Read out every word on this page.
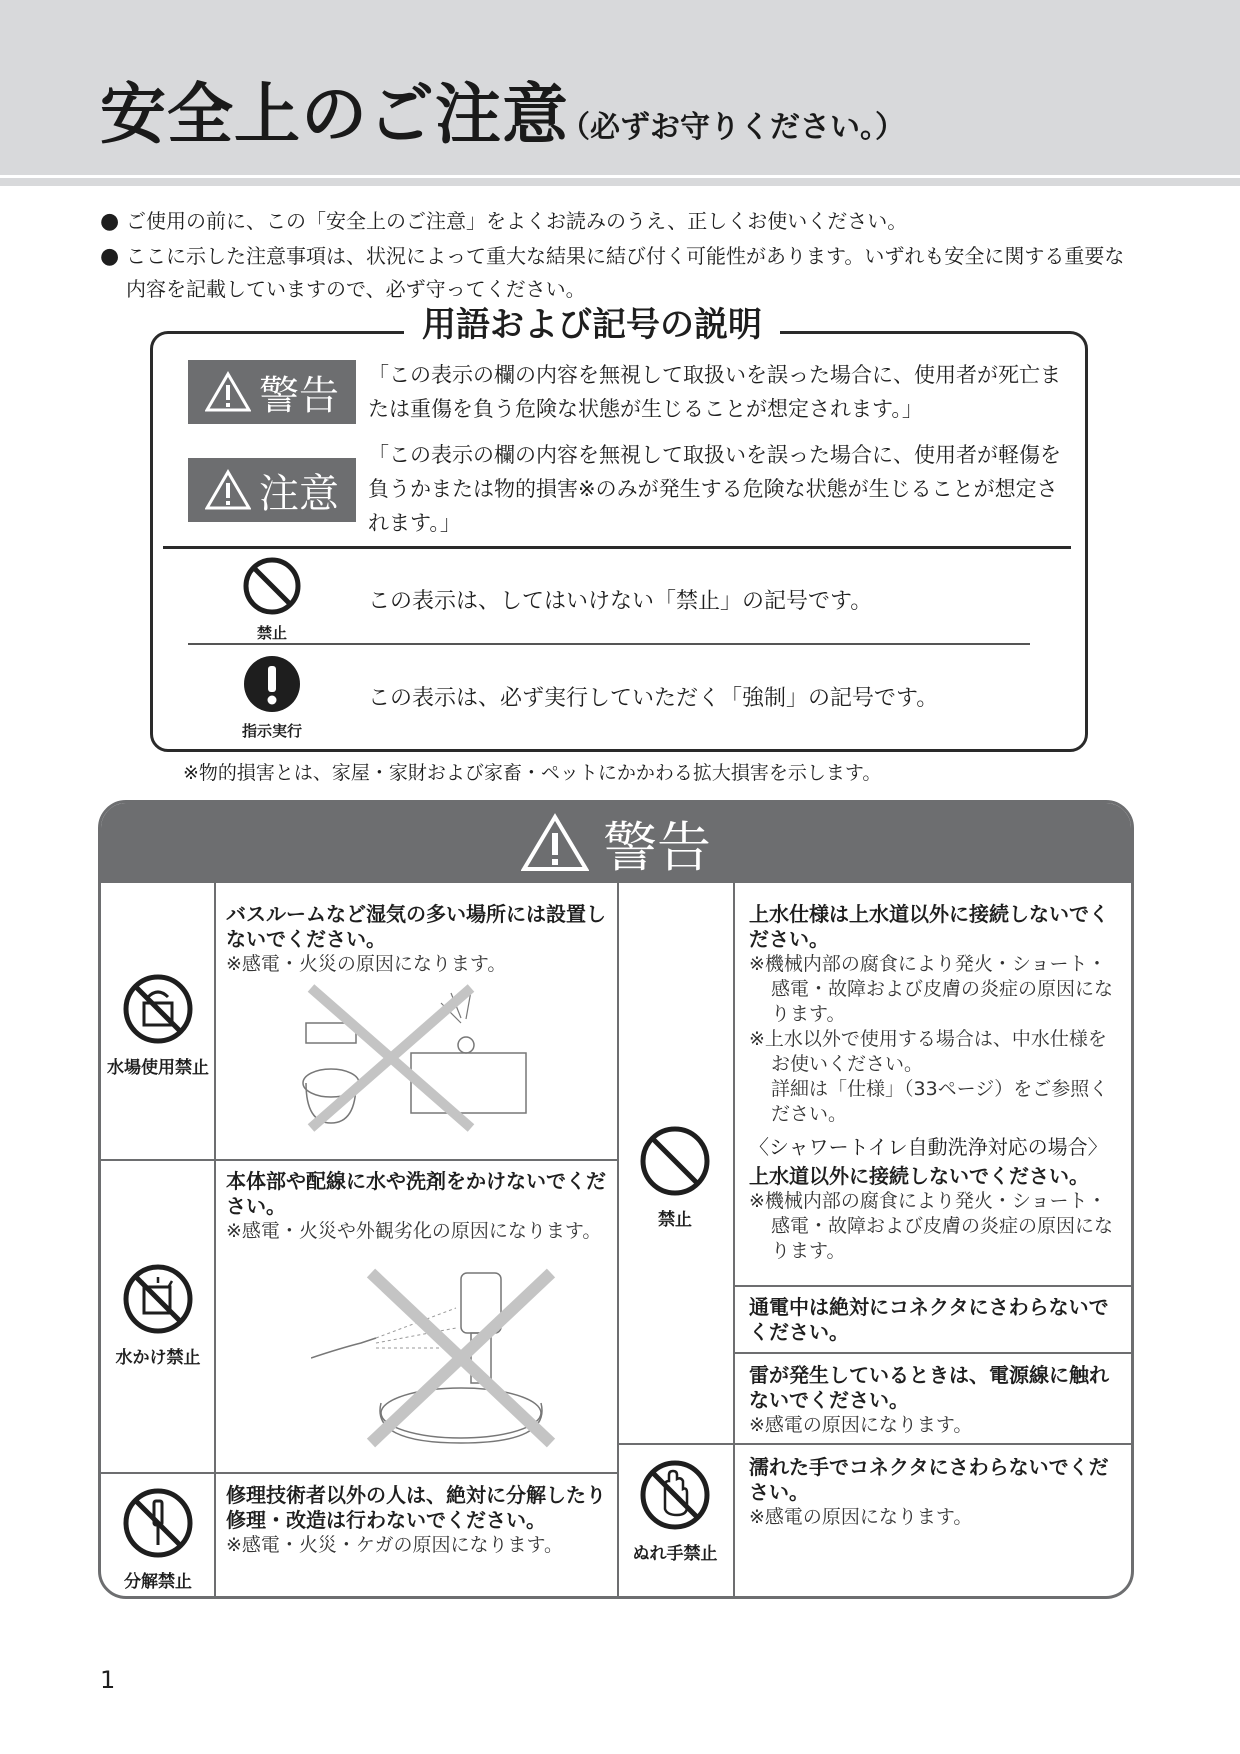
安全上のご注意
（必ずお守りください。）
● ご使用の前に、この「安全上のご注意」をよくお読みのうえ、正しくお使いください。
● ここに示した注意事項は、状況によって重大な結果に結び付く可能性があります。いずれも安全に関する重要な内容を記載していますので、必ず守ってください。
用語および記号の説明
警告 「この表示の欄の内容を無視して取扱いを誤った場合に、使用者が死亡または重傷を負う危険な状態が生じることが想定されます。」
注意
「この表示の欄の内容を無視して取扱いを誤った場合に、使用者が軽傷を負うかまたは物的損害※のみが発生する危険な状態が生じることが想定されます。」
禁止
この表示は、してはいけない「禁止」の記号です。
指示実行
この表示は、必ず実行していただく「強制」の記号です。
※物的損害とは、家屋・家財および家畜・ペットにかかわる拡大損害を示します。
警告
水場使用禁止
バスルームなど湿気の多い場所には設置しないでください。
※感電・火災の原因になります。
水かけ禁止
本体部や配線に水や洗剤をかけないでください。
※感電・火災や外観劣化の原因になります。
分解禁止
修理技術者以外の人は、絶対に分解したり修理・改造は行わないでください。
※感電・火災・ケガの原因になります。
禁止
上水仕様は上水道以外に接続しないでください。
※機械内部の腐食により発火・ショート・感電・故障および皮膚の炎症の原因になります。
※上水以外で使用する場合は、中水仕様をお使いください。
詳細は「仕様」（33ページ）をご参照ください。
〈シャワートイレ自動洗浄対応の場合〉
上水道以外に接続しないでください。
※機械内部の腐食により発火・ショート・感電・故障および皮膚の炎症の原因になります。
通電中は絶対にコネクタにさわらないでください。
雷が発生しているときは、電源線に触れないでください。
※感電の原因になります。
ぬれ手禁止
濡れた手でコネクタにさわらないでください。
※感電の原因になります。
1
